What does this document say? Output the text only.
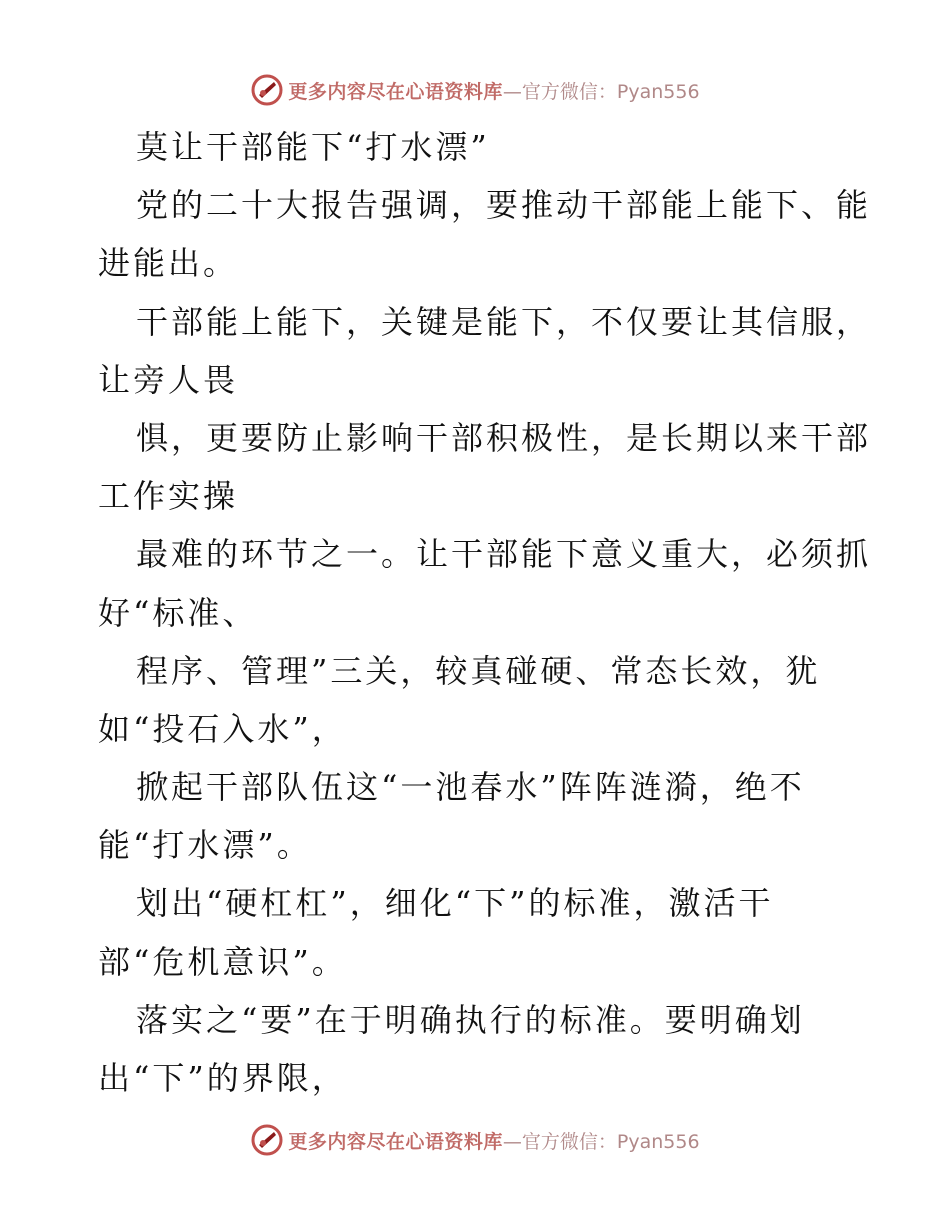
更多内容尽在心语资料库 —官方微信：Pyan556
莫让干部能下“打水漂”
党的二十大报告强调，要推动干部能上能下、能
进能出。
干部能上能下，关键是能下，不仅要让其信服，
让旁人畏
惧，更要防止影响干部积极性，是长期以来干部
工作实操
最难的环节之一。让干部能下意义重大，必须抓
好“标准、
程序、管理”三关，较真碰硬、常态长效，犹
如“投石入水”，
掀起干部队伍这“一池春水”阵阵涟漪，绝不
能“打水漂”。
划出“硬杠杠”，细化“下”的标准，激活干
部“危机意识”。
落实之“要”在于明确执行的标准。要明确划
出“下”的界限，
更多内容尽在心语资料库 —官方微信：Pyan556
